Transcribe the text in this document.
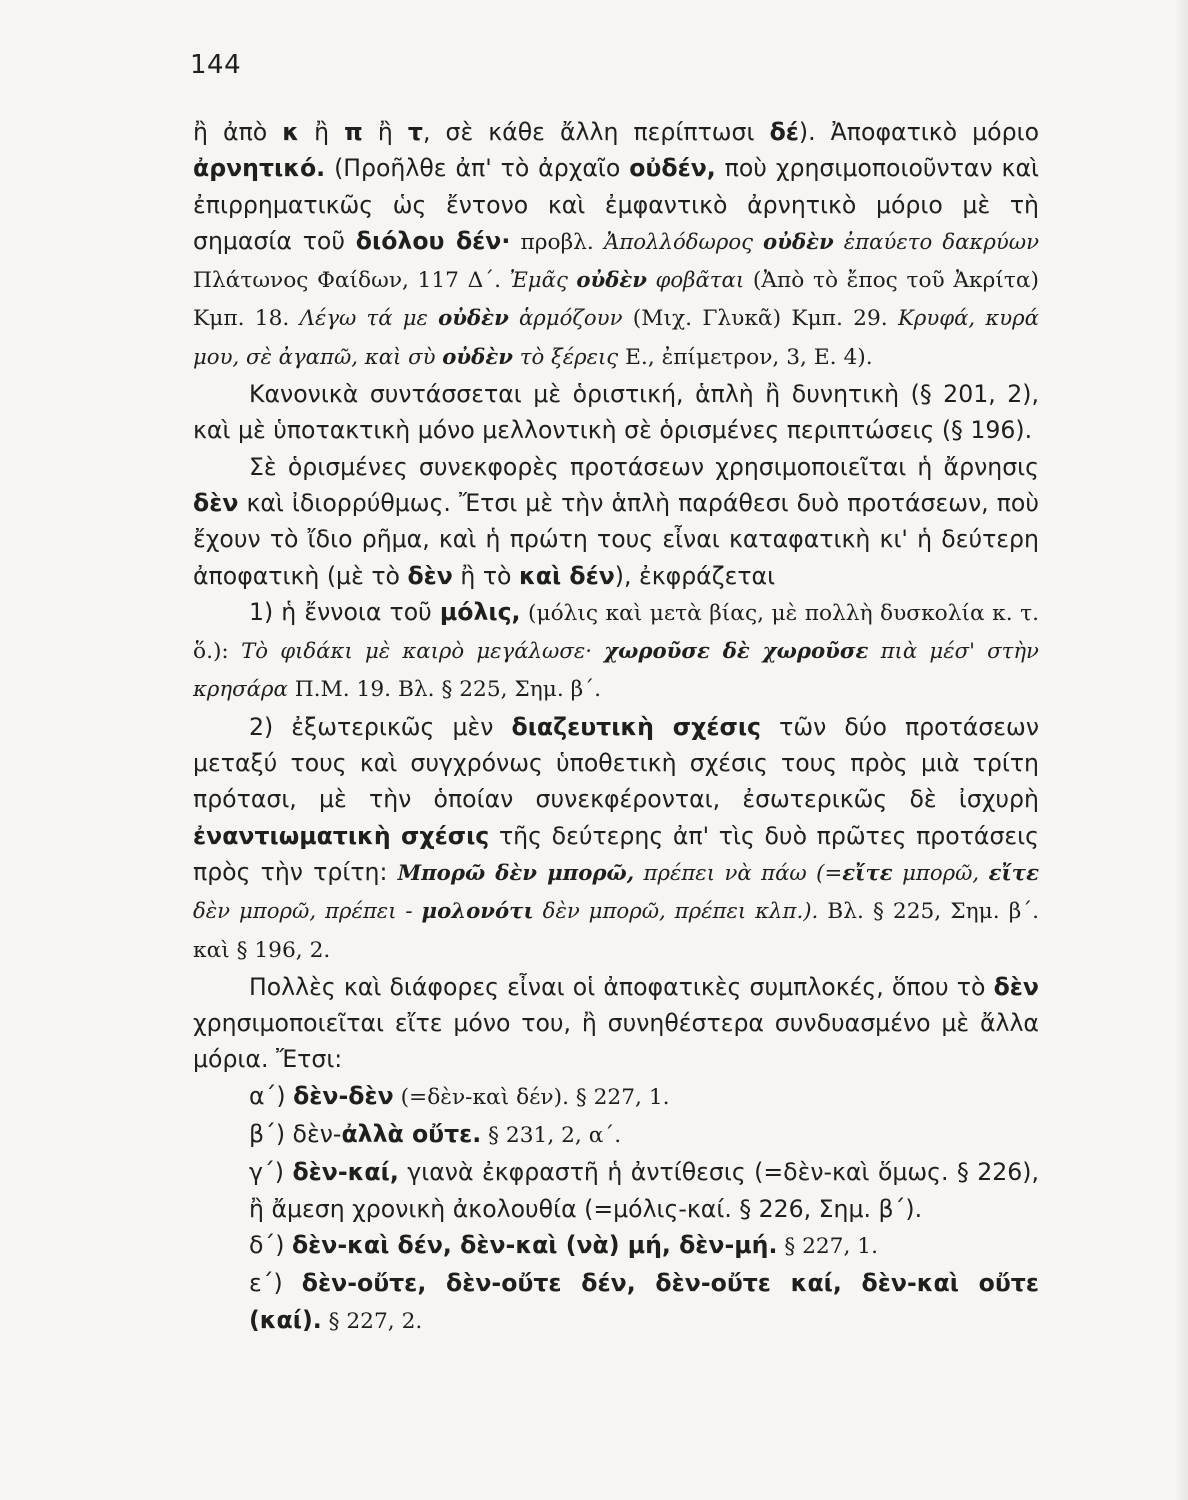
144

ἢ ἀπὸ κ ἢ π ἢ τ, σὲ κάθε ἄλλη περίπτωσι δέ). Ἀποφατικὸ μόριο ἀρνητικό. (Προῆλθε ἀπ' τὸ ἀρχαῖο οὐδέν, ποὺ χρησιμοποιοῦνταν καὶ ἐπιρρηματικῶς ὡς ἔντονο καὶ ἐμφαντικὸ ἀρνητικὸ μόριο μὲ τὴ σημασία τοῦ διόλου δέν· προβλ. Ἀπολλόδωρος οὐδὲν ἐπαύετο δακρύων Πλάτωνος Φαίδων, 117 Δ΄. Ἐμᾶς οὐδὲν φοβᾶται (Ἀπὸ τὸ ἔπος τοῦ Ἀκρίτα) Κμπ. 18. Λέγω τά με οὐδὲν ἁρμόζουν (Μιχ. Γλυκᾶ) Κμπ. 29. Κρυφά, κυρά μου, σὲ ἀγαπῶ, καὶ σὺ οὐδὲν τὸ ξέρεις Ε., ἐπίμετρον, 3, Ε. 4).

Κανονικὰ συντάσσεται μὲ ὁριστική, ἁπλὴ ἢ δυνητικὴ (§ 201, 2), καὶ μὲ ὑποτακτικὴ μόνο μελλοντικὴ σὲ ὁρισμένες περιπτώσεις (§ 196).

Σὲ ὁρισμένες συνεκφορὲς προτάσεων χρησιμοποιεῖται ἡ ἄρνησις δὲν καὶ ἰδιορρύθμως. Ἔτσι μὲ τὴν ἁπλὴ παράθεσι δυὸ προτάσεων, ποὺ ἔχουν τὸ ἴδιο ρῆμα, καὶ ἡ πρώτη τους εἶναι καταφατικὴ κι' ἡ δεύτερη ἀποφατικὴ (μὲ τὸ δὲν ἢ τὸ καὶ δέν), ἐκφράζεται

1) ἡ ἔννοια τοῦ μόλις, (μόλις καὶ μετὰ βίας, μὲ πολλὴ δυσκολία κ. τ. ὅ.): Τὸ φιδάκι μὲ καιρὸ μεγάλωσε· χωροῦσε δὲ χωροῦσε πιὰ μέσ' στὴν κρησάρα Π.Μ. 19. Βλ. § 225, Σημ. β΄.

2) ἐξωτερικῶς μὲν διαζευτικὴ σχέσις τῶν δύο προτάσεων μεταξύ τους καὶ συγχρόνως ὑποθετικὴ σχέσις τους πρὸς μιὰ τρίτη πρότασι, μὲ τὴν ὁποίαν συνεκφέρονται, ἐσωτερικῶς δὲ ἰσχυρὴ ἐναντιωματικὴ σχέσις τῆς δεύτερης ἀπ' τὶς δυὸ πρῶτες προτάσεις πρὸς τὴν τρίτη: Μπορῶ δὲν μπορῶ, πρέπει νὰ πάω (=εἴτε μπορῶ, εἴτε δὲν μπορῶ, πρέπει - μολονότι δὲν μπορῶ, πρέπει κλπ.). Βλ. § 225, Σημ. β΄. καὶ § 196, 2.

Πολλὲς καὶ διάφορες εἶναι οἱ ἀποφατικὲς συμπλοκές, ὅπου τὸ δὲν χρησιμοποιεῖται εἴτε μόνο του, ἢ συνηθέστερα συνδυασμένο μὲ ἄλλα μόρια. Ἔτσι:

α΄) δὲν-δὲν (=δὲν-καὶ δέν). § 227, 1.

β΄) δὲν-ἀλλὰ οὔτε. § 231, 2, α΄.

γ΄) δὲν-καί, γιανὰ ἐκφραστῆ ἡ ἀντίθεσις (=δὲν-καὶ ὅμως. § 226), ἢ ἄμεση χρονικὴ ἀκολουθία (=μόλις-καί. § 226, Σημ. β΄).

δ΄) δὲν-καὶ δέν, δὲν-καὶ (νὰ) μή, δὲν-μή. § 227, 1.

ε΄) δὲν-οὔτε, δὲν-οὔτε δέν, δὲν-οὔτε καί, δὲν-καὶ οὔτε (καί). § 227, 2.
